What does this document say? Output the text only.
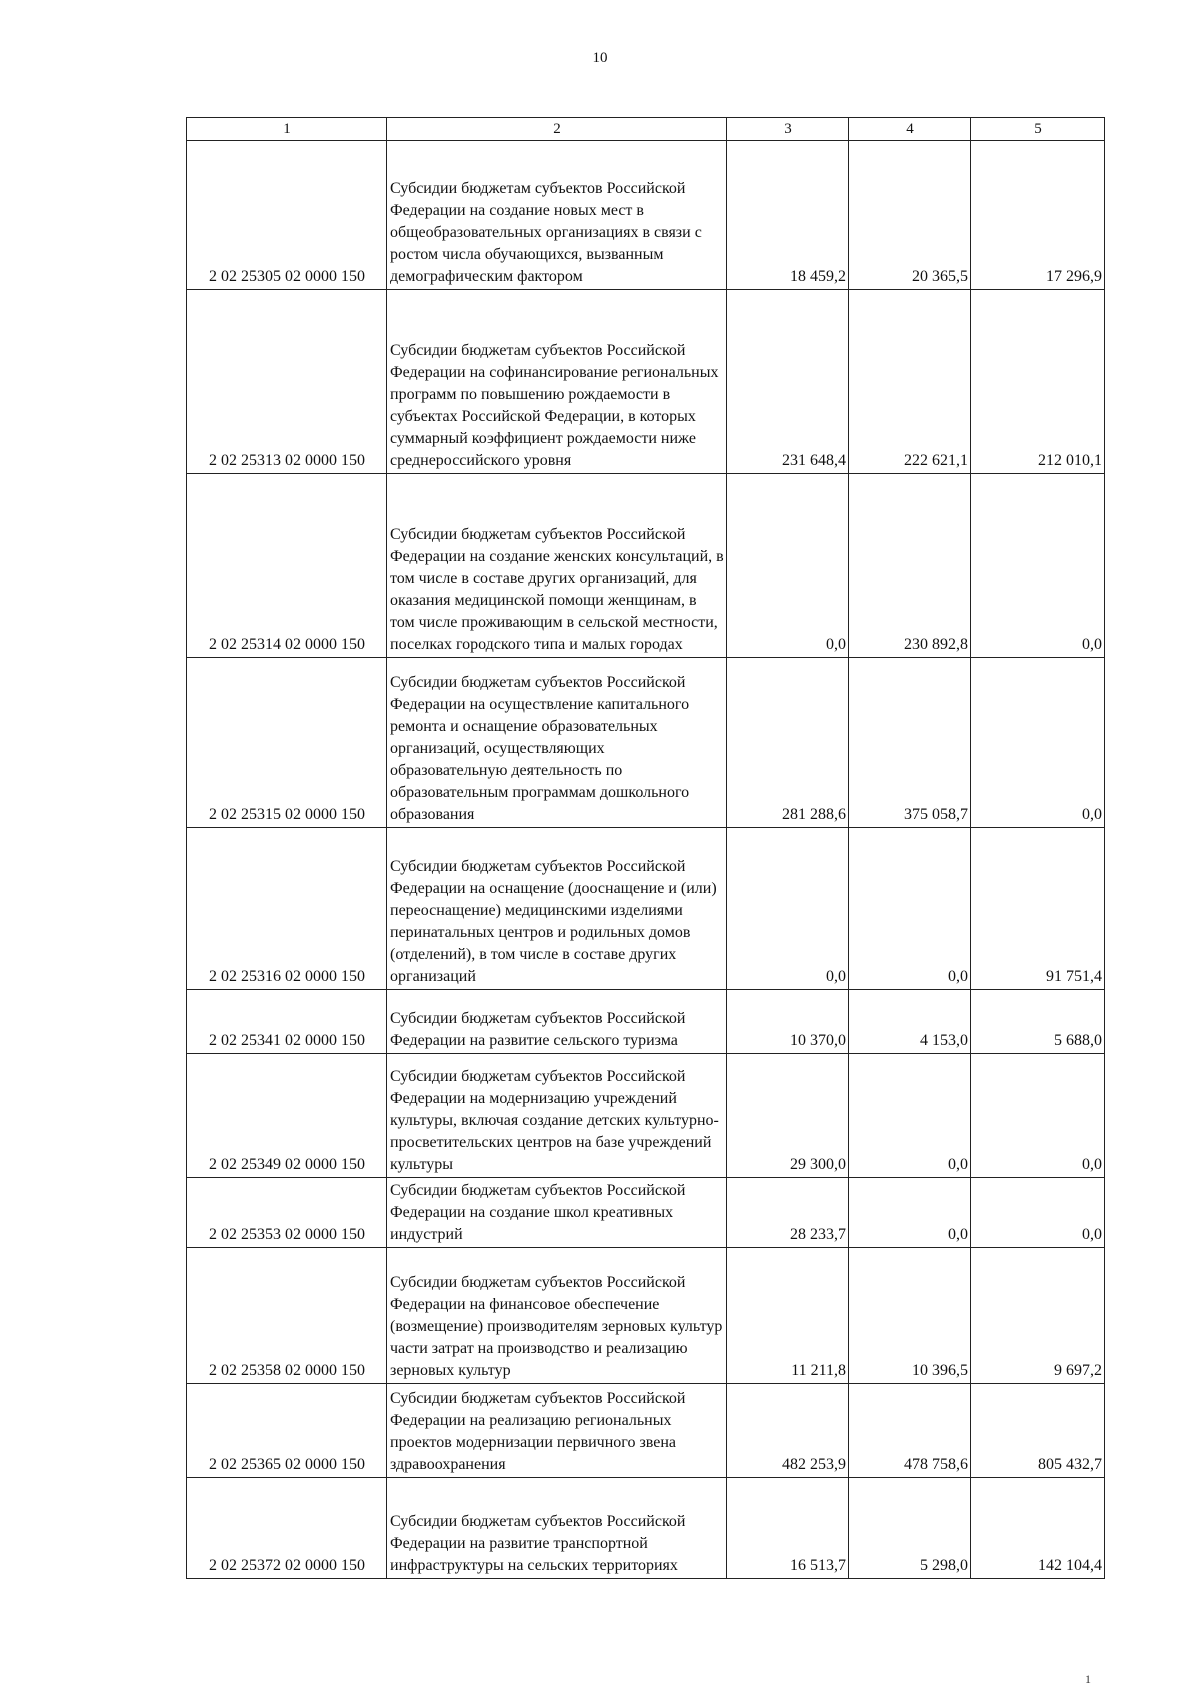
10
1	2	3	4	5
2 02 25305 02 0000 150	Субсидии бюджетам субъектов Российской Федерации на создание новых мест в общеобразовательных организациях в связи с ростом числа обучающихся, вызванным демографическим фактором	18 459,2	20 365,5	17 296,9
2 02 25313 02 0000 150	Субсидии бюджетам субъектов Российской Федерации на софинансирование региональных программ по повышению рождаемости в субъектах Российской Федерации, в которых суммарный коэффициент рождаемости ниже среднероссийского уровня	231 648,4	222 621,1	212 010,1
2 02 25314 02 0000 150	Субсидии бюджетам субъектов Российской Федерации на создание женских консультаций, в том числе в составе других организаций, для оказания медицинской помощи женщинам, в том числе проживающим в сельской местности, поселках городского типа и малых городах	0,0	230 892,8	0,0
2 02 25315 02 0000 150	Субсидии бюджетам субъектов Российской Федерации на осуществление капитального ремонта и оснащение образовательных организаций, осуществляющих образовательную деятельность по образовательным программам дошкольного образования	281 288,6	375 058,7	0,0
2 02 25316 02 0000 150	Субсидии бюджетам субъектов Российской Федерации на оснащение (дооснащение и (или) переоснащение) медицинскими изделиями перинатальных центров и родильных домов (отделений), в том числе в составе других организаций	0,0	0,0	91 751,4
2 02 25341 02 0000 150	Субсидии бюджетам субъектов Российской Федерации на развитие сельского туризма	10 370,0	4 153,0	5 688,0
2 02 25349 02 0000 150	Субсидии бюджетам субъектов Российской Федерации на модернизацию учреждений культуры, включая создание детских культурно-просветительских центров на базе учреждений культуры	29 300,0	0,0	0,0
2 02 25353 02 0000 150	Субсидии бюджетам субъектов Российской Федерации на создание школ креативных индустрий	28 233,7	0,0	0,0
2 02 25358 02 0000 150	Субсидии бюджетам субъектов Российской Федерации на финансовое обеспечение (возмещение) производителям зерновых культур части затрат на производство и реализацию зерновых культур	11 211,8	10 396,5	9 697,2
2 02 25365 02 0000 150	Субсидии бюджетам субъектов Российской Федерации на реализацию региональных проектов модернизации первичного звена здравоохранения	482 253,9	478 758,6	805 432,7
2 02 25372 02 0000 150	Субсидии бюджетам субъектов Российской Федерации на развитие транспортной инфраструктуры на сельских территориях	16 513,7	5 298,0	142 104,4
1
